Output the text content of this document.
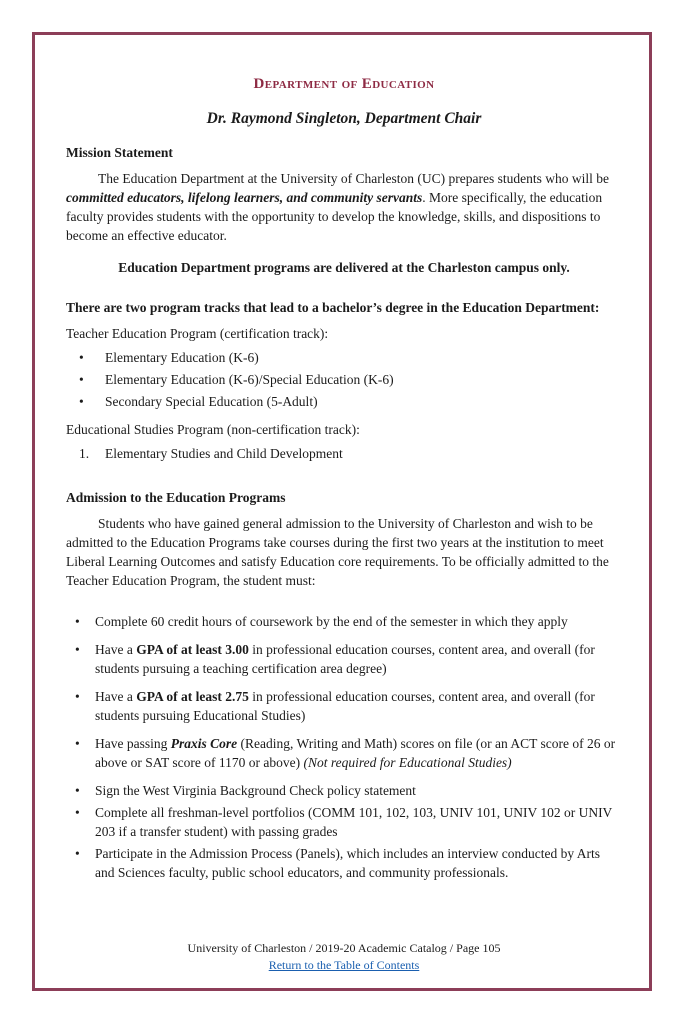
Department of Education
Dr. Raymond Singleton, Department Chair
Mission Statement

The Education Department at the University of Charleston (UC) prepares students who will be committed educators, lifelong learners, and community servants. More specifically, the education faculty provides students with the opportunity to develop the knowledge, skills, and dispositions to become an effective educator.

Education Department programs are delivered at the Charleston campus only.
There are two program tracks that lead to a bachelor’s degree in the Education Department:
Teacher Education Program (certification track):
• Elementary Education (K-6)
• Elementary Education (K-6)/Special Education (K-6)
• Secondary Special Education (5-Adult)
Educational Studies Program (non-certification track):
1. Elementary Studies and Child Development
Admission to the Education Programs

Students who have gained general admission to the University of Charleston and wish to be admitted to the Education Programs take courses during the first two years at the institution to meet Liberal Learning Outcomes and satisfy Education core requirements. To be officially admitted to the Teacher Education Program, the student must:

• Complete 60 credit hours of coursework by the end of the semester in which they apply
• Have a GPA of at least 3.00 in professional education courses, content area, and overall (for students pursuing a teaching certification area degree)
• Have a GPA of at least 2.75 in professional education courses, content area, and overall (for students pursuing Educational Studies)
• Have passing Praxis Core (Reading, Writing and Math) scores on file (or an ACT score of 26 or above or SAT score of 1170 or above) (Not required for Educational Studies)
• Sign the West Virginia Background Check policy statement
• Complete all freshman-level portfolios (COMM 101, 102, 103, UNIV 101, UNIV 102 or UNIV 203 if a transfer student) with passing grades
• Participate in the Admission Process (Panels), which includes an interview conducted by Arts and Sciences faculty, public school educators, and community professionals.
University of Charleston / 2019-20 Academic Catalog / Page 105
Return to the Table of Contents
